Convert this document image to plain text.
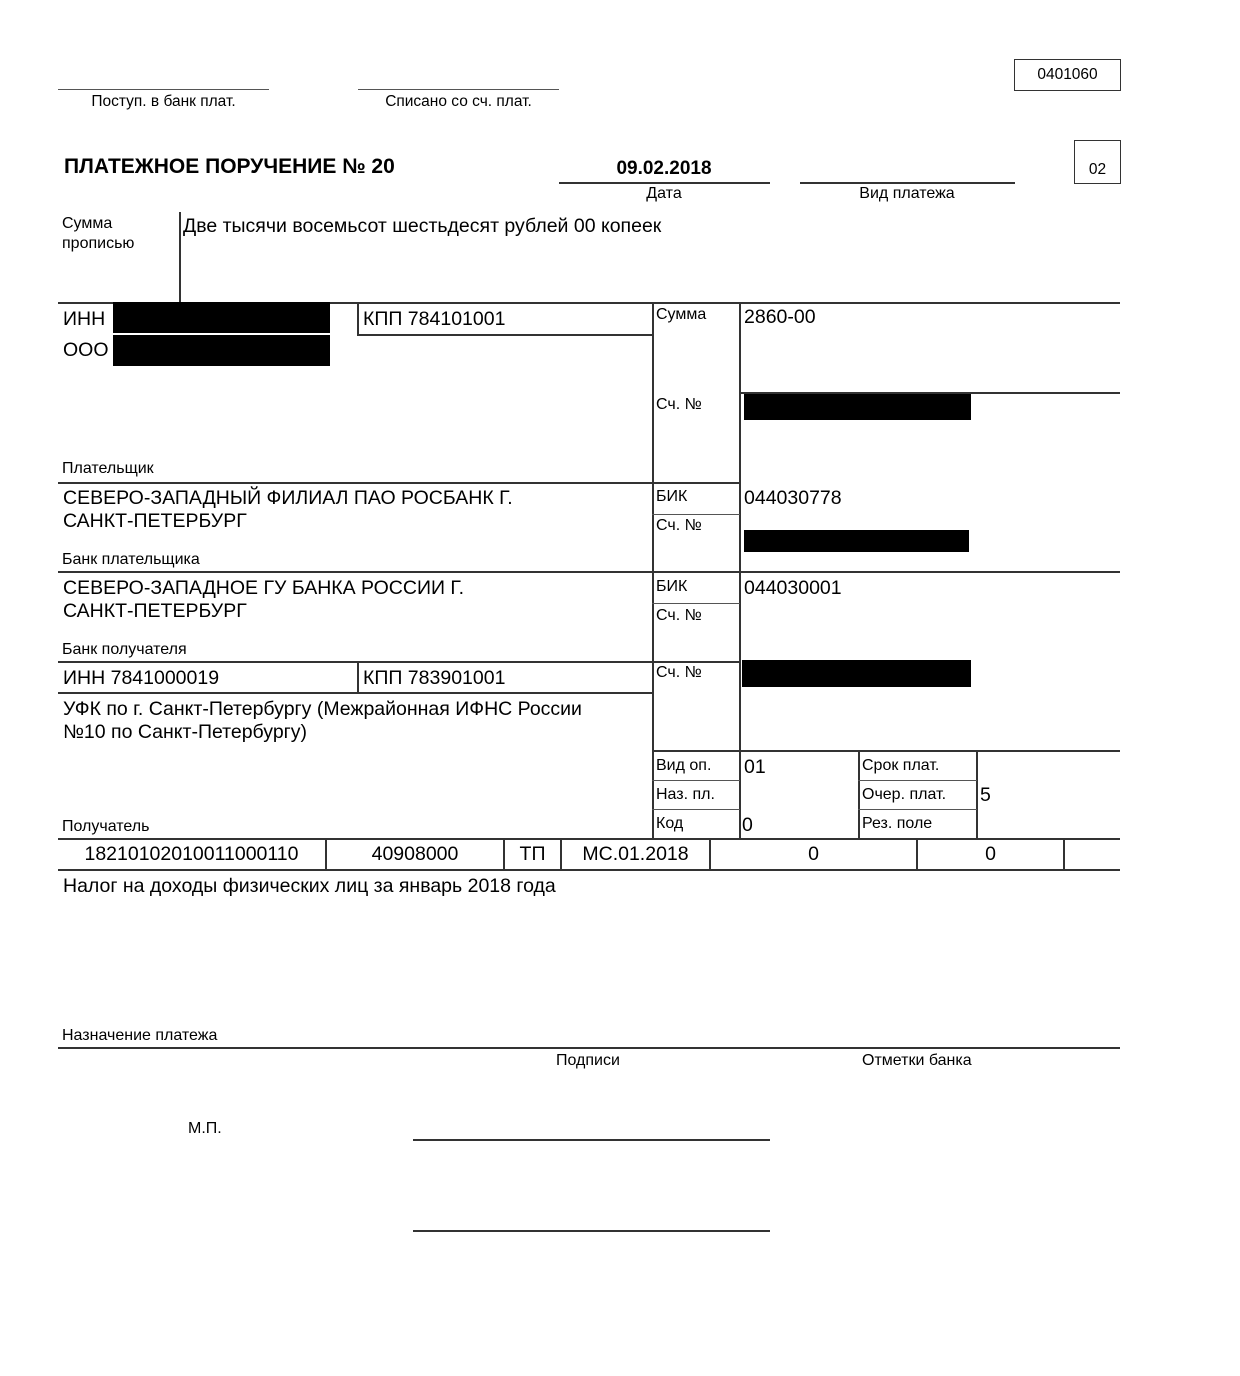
0401060
Поступ. в банк плат.	Списано со сч. плат.
ПЛАТЕЖНОЕ ПОРУЧЕНИЕ № 20	09.02.2018
Дата	Вид платежа
02
Сумма
прописью
Две тысячи восемьсот шестьдесят рублей 00 копеек
ИНН	КПП 784101001
ООО
Плательщик
Сумма 2860-00
Сч. №
СЕВЕРО-ЗАПАДНЫЙ ФИЛИАЛ ПАО РОСБАНК Г.
САНКТ-ПЕТЕРБУРГ
Банк плательщика
БИК	044030778
Сч. №
СЕВЕРО-ЗАПАДНОЕ ГУ БАНКА РОССИИ Г.
САНКТ-ПЕТЕРБУРГ
Банк получателя
БИК	044030001
Сч. №
ИНН 7841000019	КПП 783901001	Сч. №
УФК по г. Санкт-Петербургу (Межрайонная ИФНС России
№10 по Санкт-Петербургу)
Получатель
Вид оп. 01	Срок плат.
Наз. пл.	Очер. плат. 5
Код	0	Рез. поле
18210102010011000110	40908000	ТП	МС.01.2018	0	0
Налог на доходы физических лиц за январь 2018 года
Назначение платежа
Подписи	Отметки банка
М.П.
